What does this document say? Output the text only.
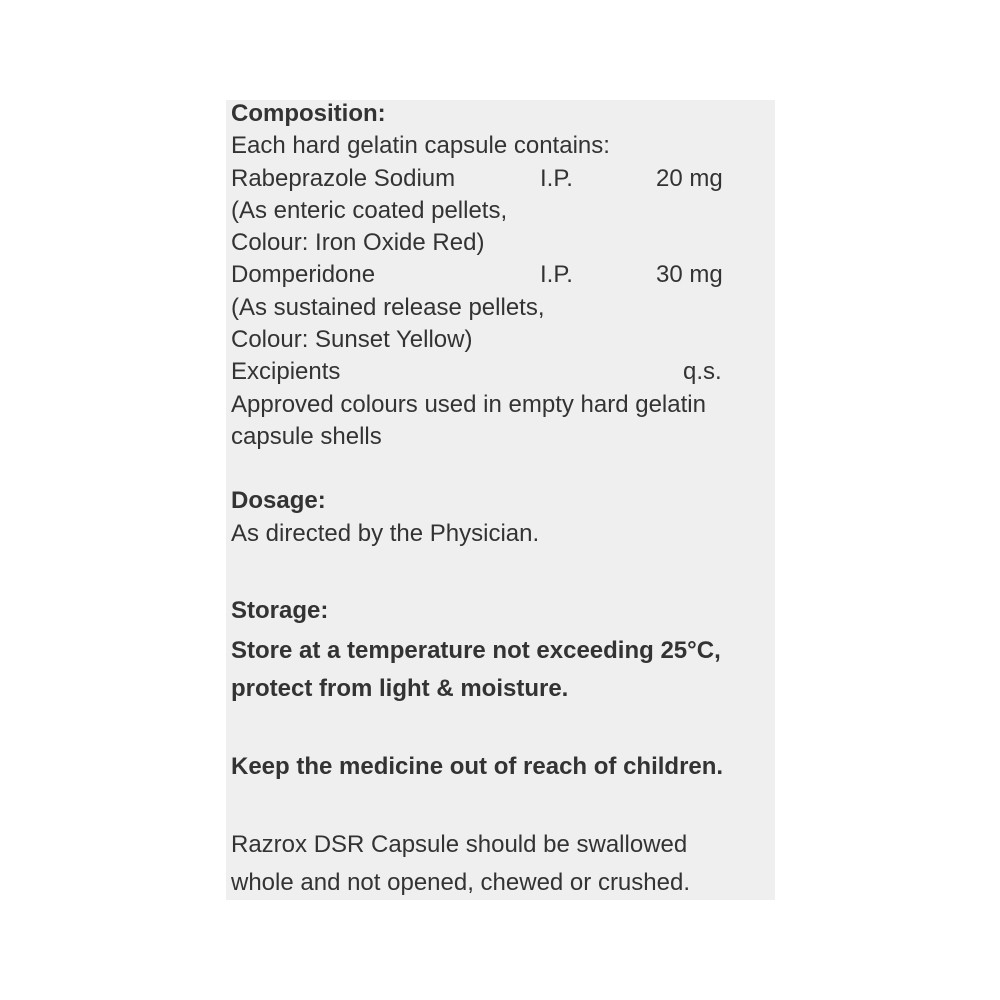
Composition:
Each hard gelatin capsule contains:
Rabeprazole Sodium	I.P.	20 mg
(As enteric coated pellets,
Colour: Iron Oxide Red)
Domperidone	I.P.	30 mg
(As sustained release pellets,
Colour: Sunset Yellow)
Excipients	q.s.
Approved colours used in empty hard gelatin
capsule shells
Dosage:
As directed by the Physician.
Storage:
Store at a temperature not exceeding 25°C,
protect from light & moisture.
Keep the medicine out of reach of children.
Razrox DSR Capsule should be swallowed
whole and not opened, chewed or crushed.
